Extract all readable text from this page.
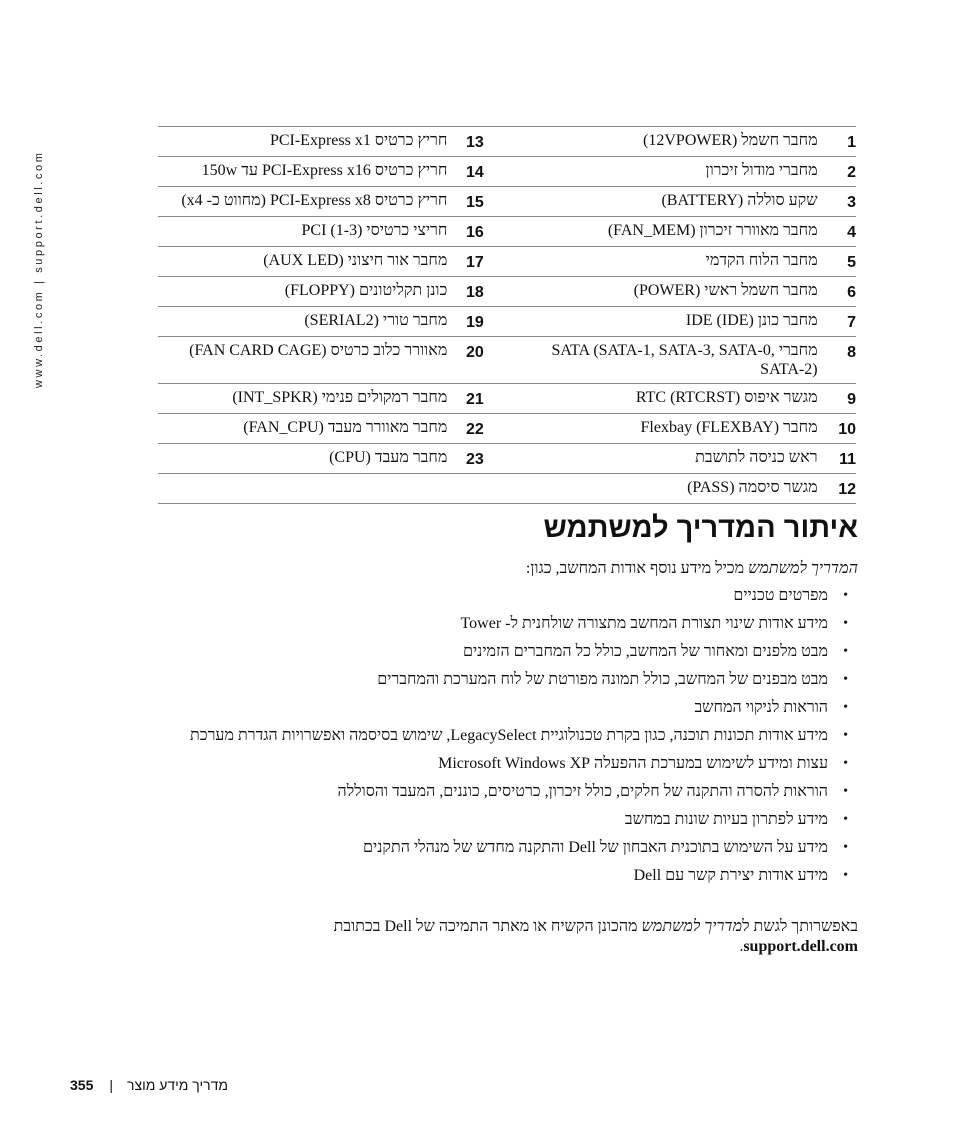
www.dell.com | support.dell.com
1	מחבר חשמל (12VPOWER)	13	חריץ כרטיס PCI-Express x1
2	מחברי מודול זיכרון	14	חריץ כרטיס PCI-Express x16 עד 150w
3	שקע סוללה (BATTERY)	15	חריץ כרטיס PCI-Express x8 (מחווט כ- x4)
4	מחבר מאוורר זיכרון (FAN_MEM)	16	חריצי כרטיסי PCI (1-3)
5	מחבר הלוח הקדמי	17	מחבר אור חיצוני (AUX LED)
6	מחבר חשמל ראשי (POWER)	18	כונן תקליטונים (FLOPPY)
7	מחבר כונן IDE (IDE)	19	מחבר טורי (SERIAL2)
8	מחברי SATA (SATA-1, SATA-3, SATA-0, SATA-2)	20	מאוורר כלוב כרטיס (FAN CARD CAGE)
9	מגשר איפוס RTC (RTCRST)	21	מחבר רמקולים פנימי (INT_SPKR)
10	מחבר Flexbay (FLEXBAY)	22	מחבר מאוורר מעבד (FAN_CPU)
11	ראש כניסה לתושבת	23	מחבר מעבד (CPU)
12	מגשר סיסמה (PASS)		
איתור המדריך למשתמש

המדריך למשתמש מכיל מידע נוסף אודות המחשב, כגון:

•
מפרטים טכניים
•
מידע אודות שינוי תצורת המחשב מתצורה שולחנית ל- Tower
•
מבט מלפנים ומאחור של המחשב, כולל כל המחברים הזמינים
•
מבט מבפנים של המחשב, כולל תמונה מפורטת של לוח המערכת והמחברים
•
הוראות לניקוי המחשב
•
מידע אודות תכונות תוכנה, כגון בקרת טכנולוגיית LegacySelect, שימוש בסיסמה ואפשרויות הגדרת מערכת
•
עצות ומידע לשימוש במערכת ההפעלה Microsoft Windows XP
•
הוראות להסרה והתקנה של חלקים, כולל זיכרון, כרטיסים, כוננים, המעבד והסוללה
•
מידע לפתרון בעיות שונות במחשב
•
מידע על השימוש בתוכנית האבחון של Dell והתקנה מחדש של מנהלי התקנים
•
מידע אודות יצירת קשר עם Dell

באפשרותך לגשת למדריך למשתמש מהכונן הקשיח או מאתר התמיכה של Dell בכתובת
support.dell.com.

355 | מדריך מידע מוצר
